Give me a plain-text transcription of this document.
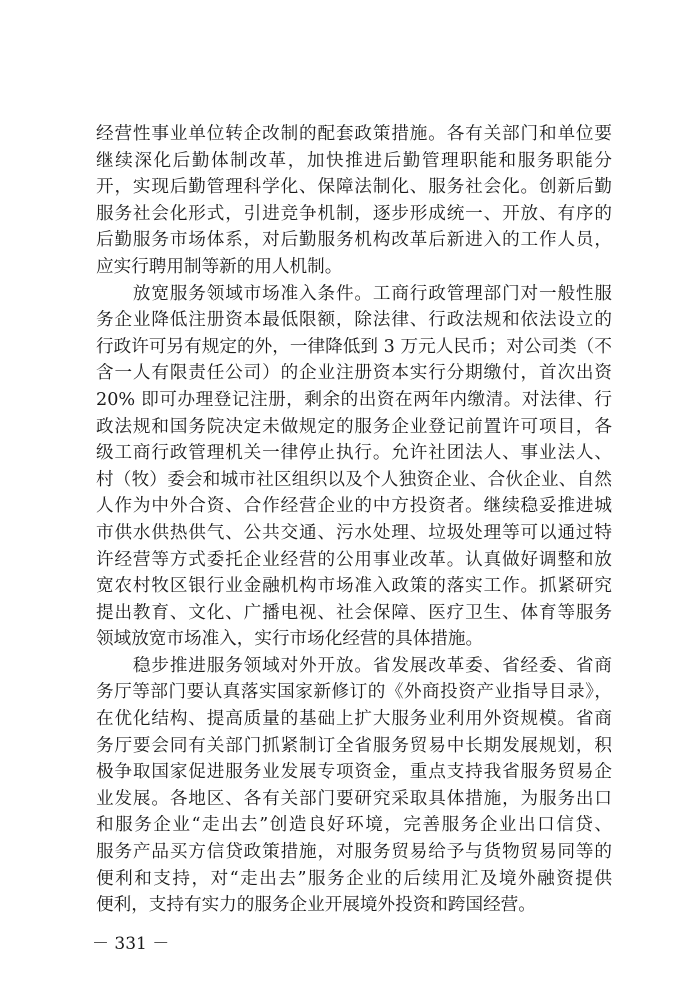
经营性事业单位转企改制的配套政策措施。各有关部门和单位要
继续深化后勤体制改革，加快推进后勤管理职能和服务职能分
开，实现后勤管理科学化、保障法制化、服务社会化。创新后勤
服务社会化形式，引进竞争机制，逐步形成统一、开放、有序的
后勤服务市场体系，对后勤服务机构改革后新进入的工作人员，
应实行聘用制等新的用人机制。
　　放宽服务领域市场准入条件。工商行政管理部门对一般性服
务企业降低注册资本最低限额，除法律、行政法规和依法设立的
行政许可另有规定的外，一律降低到 3 万元人民币；对公司类（不
含一人有限责任公司）的企业注册资本实行分期缴付，首次出资
20% 即可办理登记注册，剩余的出资在两年内缴清。对法律、行
政法规和国务院决定未做规定的服务企业登记前置许可项目，各
级工商行政管理机关一律停止执行。允许社团法人、事业法人、
村（牧）委会和城市社区组织以及个人独资企业、合伙企业、自然
人作为中外合资、合作经营企业的中方投资者。继续稳妥推进城
市供水供热供气、公共交通、污水处理、垃圾处理等可以通过特
许经营等方式委托企业经营的公用事业改革。认真做好调整和放
宽农村牧区银行业金融机构市场准入政策的落实工作。抓紧研究
提出教育、文化、广播电视、社会保障、医疗卫生、体育等服务
领域放宽市场准入，实行市场化经营的具体措施。
　　稳步推进服务领域对外开放。省发展改革委、省经委、省商
务厅等部门要认真落实国家新修订的《外商投资产业指导目录》，
在优化结构、提高质量的基础上扩大服务业利用外资规模。省商
务厅要会同有关部门抓紧制订全省服务贸易中长期发展规划，积
极争取国家促进服务业发展专项资金，重点支持我省服务贸易企
业发展。各地区、各有关部门要研究采取具体措施，为服务出口
和服务企业“走出去”创造良好环境，完善服务企业出口信贷、
服务产品买方信贷政策措施，对服务贸易给予与货物贸易同等的
便利和支持，对“走出去”服务企业的后续用汇及境外融资提供
便利，支持有实力的服务企业开展境外投资和跨国经营。
－ 331 －
